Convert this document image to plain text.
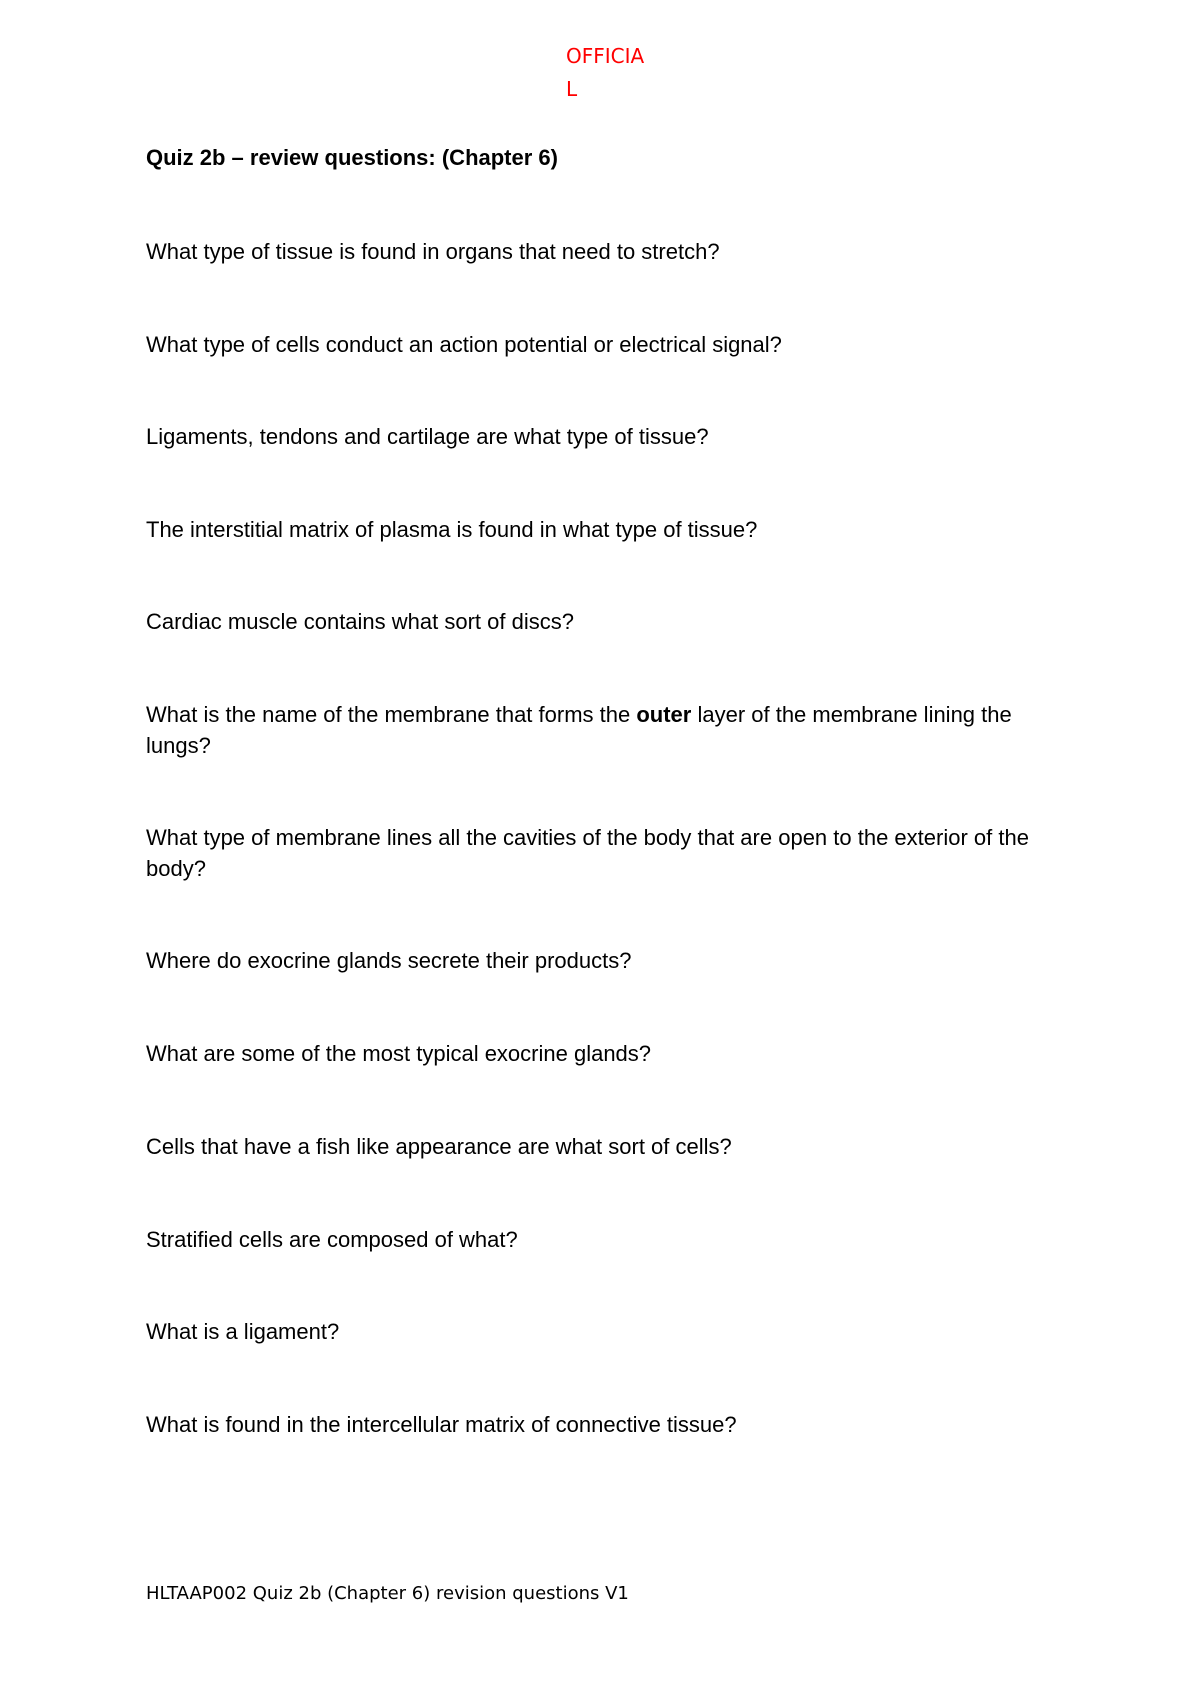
OFFICIAL
Quiz 2b – review questions: (Chapter 6)

What type of tissue is found in organs that need to stretch?

What type of cells conduct an action potential or electrical signal?

Ligaments, tendons and cartilage are what type of tissue?

The interstitial matrix of plasma is found in what type of tissue?

Cardiac muscle contains what sort of discs?

What is the name of the membrane that forms the outer layer of the membrane lining the lungs?

What type of membrane lines all the cavities of the body that are open to the exterior of the body?

Where do exocrine glands secrete their products?

What are some of the most typical exocrine glands?

Cells that have a fish like appearance are what sort of cells?

Stratified cells are composed of what?

What is a ligament?

What is found in the intercellular matrix of connective tissue?

HLTAAP002 Quiz 2b (Chapter 6) revision questions V1
